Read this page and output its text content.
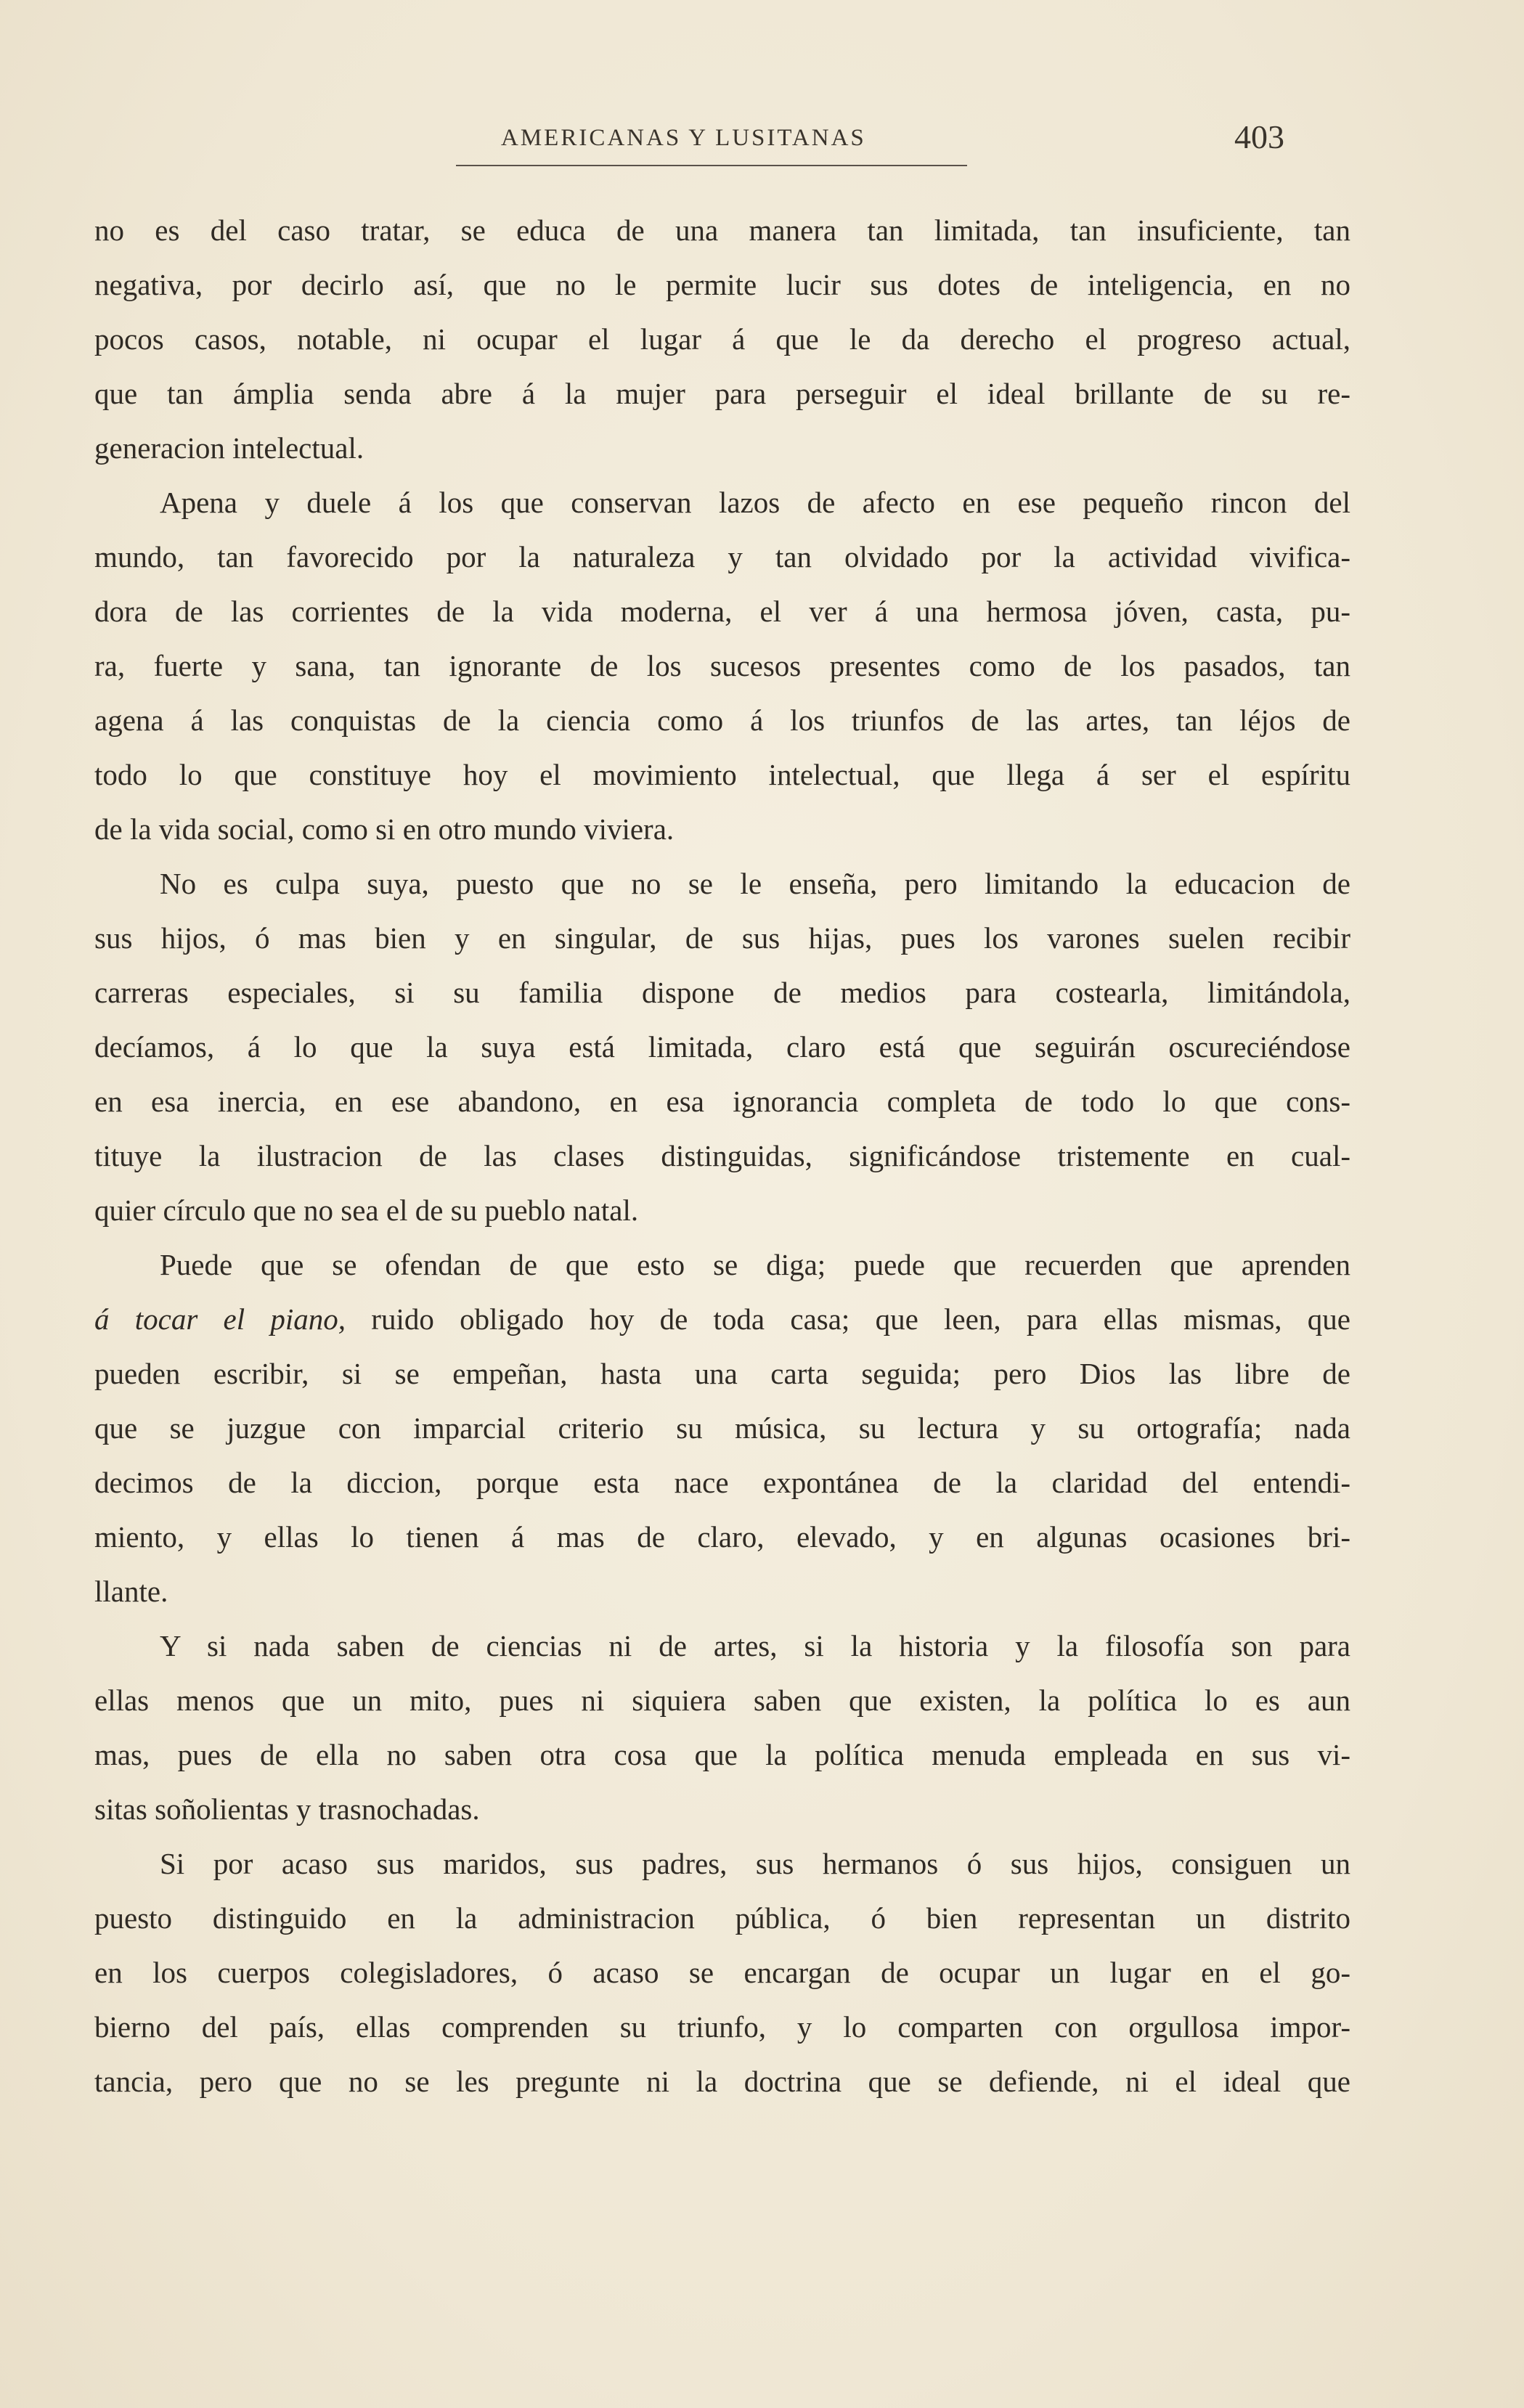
AMERICANAS Y LUSITANAS	403
no es del caso tratar, se educa de una manera tan limitada, tan insuficiente, tan
negativa, por decirlo así, que no le permite lucir sus dotes de inteligencia, en no
pocos casos, notable, ni ocupar el lugar á que le da derecho el progreso actual,
que tan ámplia senda abre á la mujer para perseguir el ideal brillante de su re-
generacion intelectual.
Apena y duele á los que conservan lazos de afecto en ese pequeño rincon del
mundo, tan favorecido por la naturaleza y tan olvidado por la actividad vivifica-
dora de las corrientes de la vida moderna, el ver á una hermosa jóven, casta, pu-
ra, fuerte y sana, tan ignorante de los sucesos presentes como de los pasados, tan
agena á las conquistas de la ciencia como á los triunfos de las artes, tan léjos de
todo lo que constituye hoy el movimiento intelectual, que llega á ser el espíritu
de la vida social, como si en otro mundo viviera.
No es culpa suya, puesto que no se le enseña, pero limitando la educacion de
sus hijos, ó mas bien y en singular, de sus hijas, pues los varones suelen recibir
carreras especiales, si su familia dispone de medios para costearla, limitándola,
decíamos, á lo que la suya está limitada, claro está que seguirán oscureciéndose
en esa inercia, en ese abandono, en esa ignorancia completa de todo lo que cons-
tituye la ilustracion de las clases distinguidas, significándose tristemente en cual-
quier círculo que no sea el de su pueblo natal.
Puede que se ofendan de que esto se diga; puede que recuerden que aprenden
á tocar el piano, ruido obligado hoy de toda casa; que leen, para ellas mismas, que
pueden escribir, si se empeñan, hasta una carta seguida; pero Dios las libre de
que se juzgue con imparcial criterio su música, su lectura y su ortografía; nada
decimos de la diccion, porque esta nace expontánea de la claridad del entendi-
miento, y ellas lo tienen á mas de claro, elevado, y en algunas ocasiones bri-
llante.
Y si nada saben de ciencias ni de artes, si la historia y la filosofía son para
ellas menos que un mito, pues ni siquiera saben que existen, la política lo es aun
mas, pues de ella no saben otra cosa que la política menuda empleada en sus vi-
sitas soñolientas y trasnochadas.
Si por acaso sus maridos, sus padres, sus hermanos ó sus hijos, consiguen un
puesto distinguido en la administracion pública, ó bien representan un distrito
en los cuerpos colegisladores, ó acaso se encargan de ocupar un lugar en el go-
bierno del país, ellas comprenden su triunfo, y lo comparten con orgullosa impor-
tancia, pero que no se les pregunte ni la doctrina que se defiende, ni el ideal que
